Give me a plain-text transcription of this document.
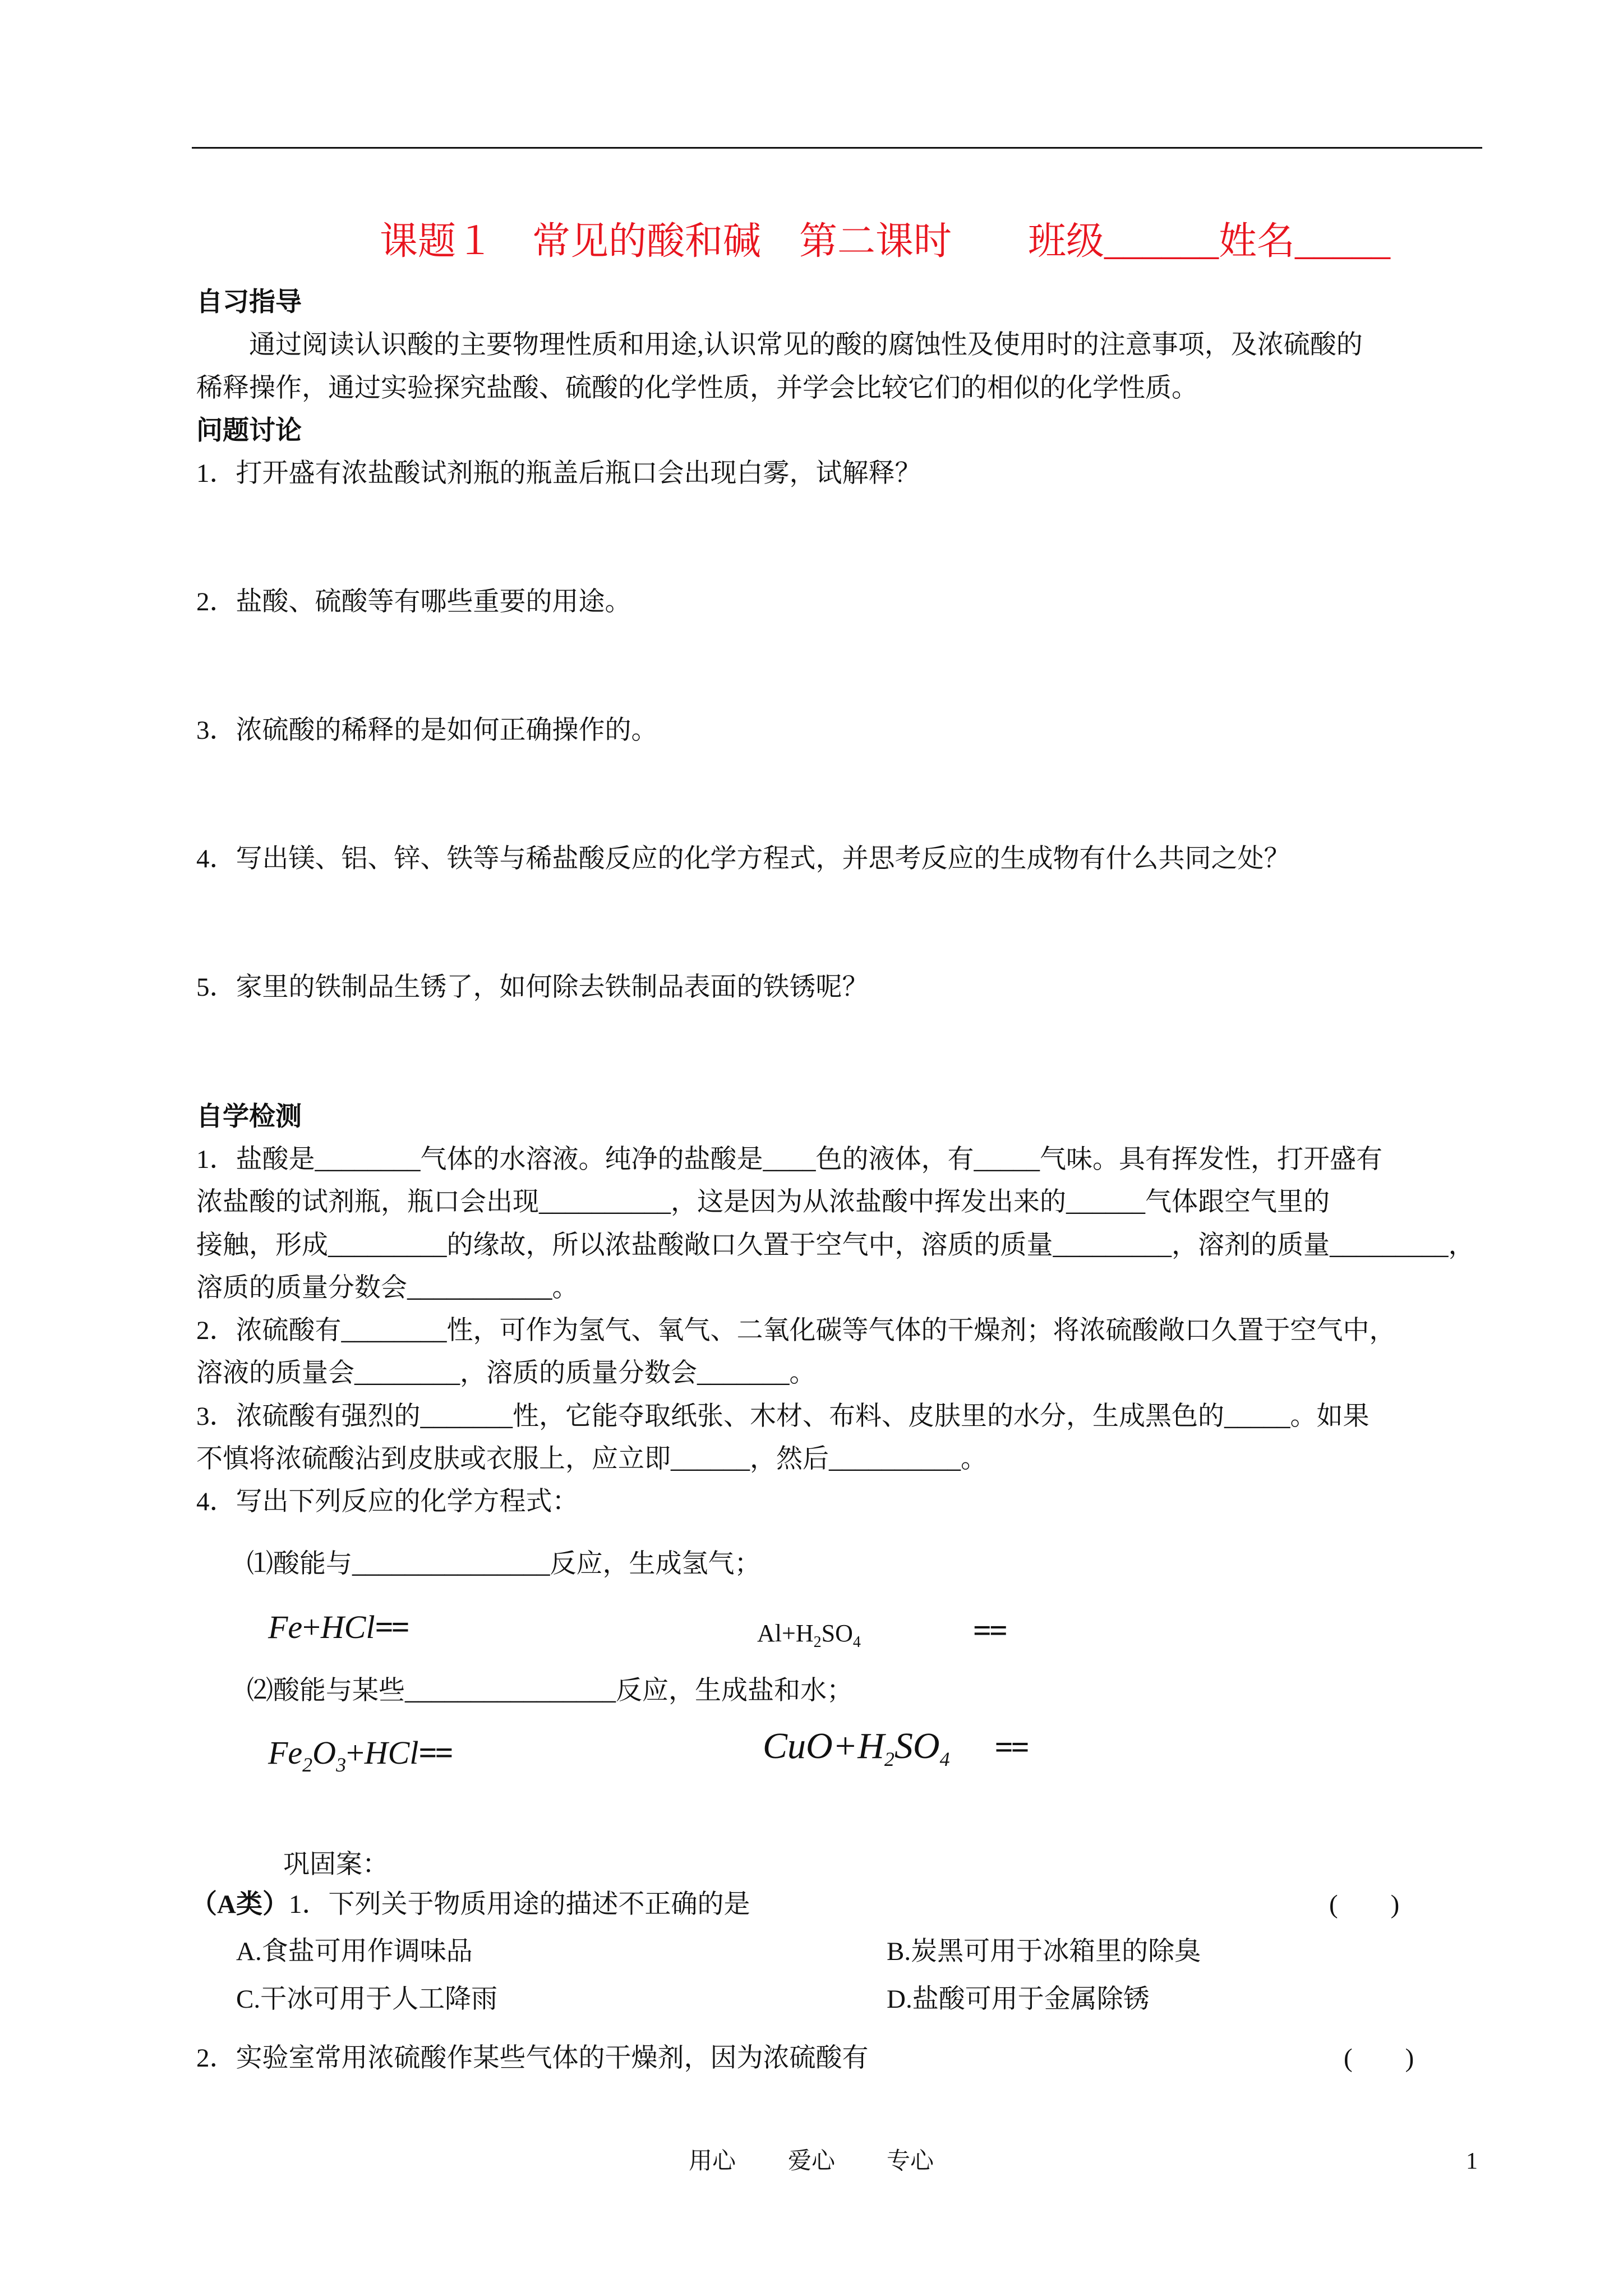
课题１　常见的酸和碱　第二课时　　班级______姓名_____
自习指导
　　通过阅读认识酸的主要物理性质和用途,认识常见的酸的腐蚀性及使用时的注意事项，及浓硫酸的
稀释操作，通过实验探究盐酸、硫酸的化学性质，并学会比较它们的相似的化学性质。
问题讨论
1．打开盛有浓盐酸试剂瓶的瓶盖后瓶口会出现白雾，试解释？
2．盐酸、硫酸等有哪些重要的用途。
3．浓硫酸的稀释的是如何正确操作的。
4．写出镁、铝、锌、铁等与稀盐酸反应的化学方程式，并思考反应的生成物有什么共同之处？
5．家里的铁制品生锈了，如何除去铁制品表面的铁锈呢？
自学检测
1．盐酸是________气体的水溶液。纯净的盐酸是____色的液体，有_____气味。具有挥发性，打开盛有
浓盐酸的试剂瓶，瓶口会出现__________，这是因为从浓盐酸中挥发出来的______气体跟空气里的
接触，形成_________的缘故，所以浓盐酸敞口久置于空气中，溶质的质量_________，溶剂的质量_________，
溶质的质量分数会___________。
2．浓硫酸有________性，可作为氢气、氧气、二氧化碳等气体的干燥剂；将浓硫酸敞口久置于空气中，
溶液的质量会________，溶质的质量分数会_______。
3．浓硫酸有强烈的_______性，它能夺取纸张、木材、布料、皮肤里的水分，生成黑色的_____。如果
不慎将浓硫酸沾到皮肤或衣服上，应立即______，然后__________。
4．写出下列反应的化学方程式：
⑴酸能与_______________反应，生成氢气；
Fe+HCl==	$Al+H_2SO_4$	==
⑵酸能与某些________________反应，生成盐和水；
$Fe_2O_3+HCl==$	$CuO+H_2SO_4$ ==
巩固案：
（A类）1．下列关于物质用途的描述不正确的是	(　　)
A.食盐可用作调味品	B.炭黑可用于冰箱里的除臭
C.干冰可用于人工降雨	D.盐酸可用于金属除锈
2．实验室常用浓硫酸作某些气体的干燥剂，因为浓硫酸有	(　　)
用心 爱心 专心	1
